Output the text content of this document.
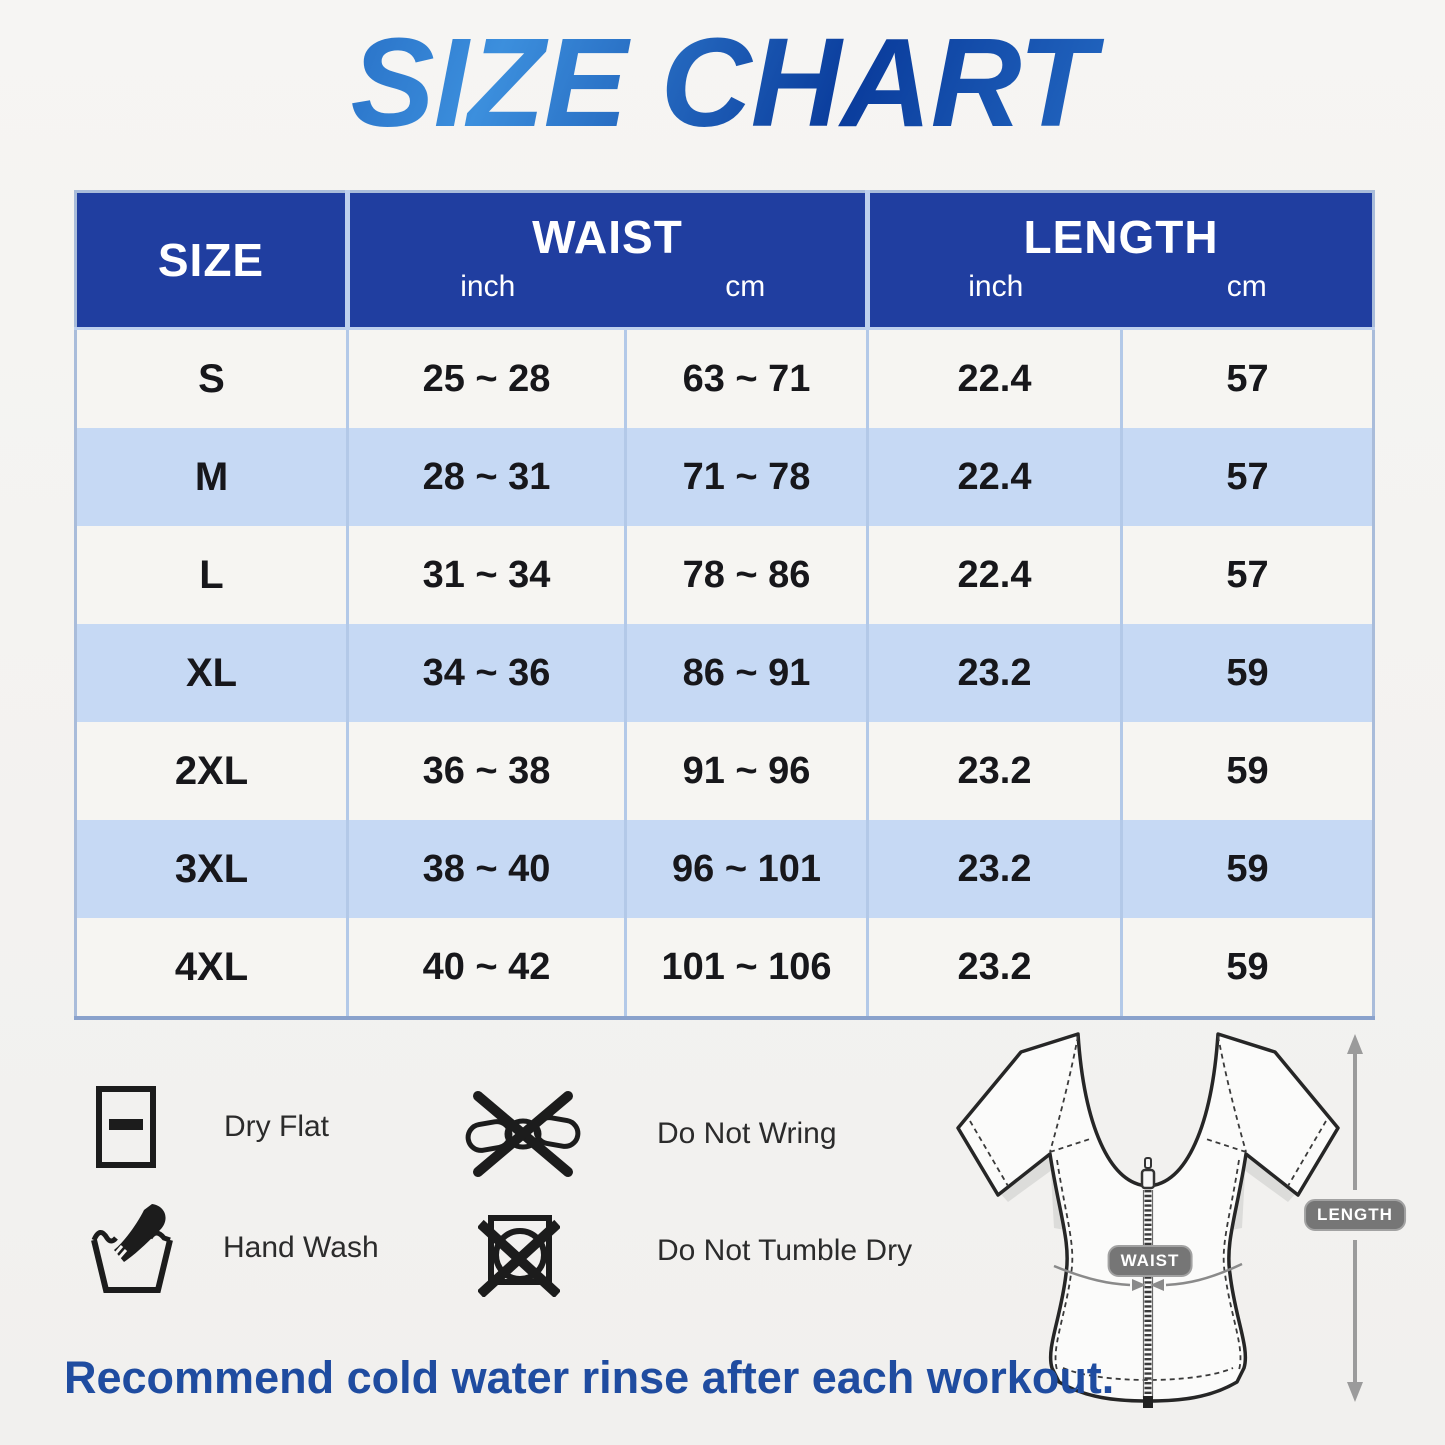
SIZE CHART
SIZE	WAIST		LENGTH	
	inch	cm	inch	cm
S	25 ~ 28	63 ~ 71	22.4	57
M	28 ~ 31	71 ~ 78	22.4	57
L	31 ~ 34	78 ~ 86	22.4	57
XL	34 ~ 36	86 ~ 91	23.2	59
2XL	36 ~ 38	91 ~ 96	23.2	59
3XL	38 ~ 40	96 ~ 101	23.2	59
4XL	40 ~ 42	101 ~ 106	23.2	59
Dry Flat	Do Not Wring
Hand Wash	Do Not Tumble Dry	WAIST
LENGTH
Recommend cold water rinse after each workout.
